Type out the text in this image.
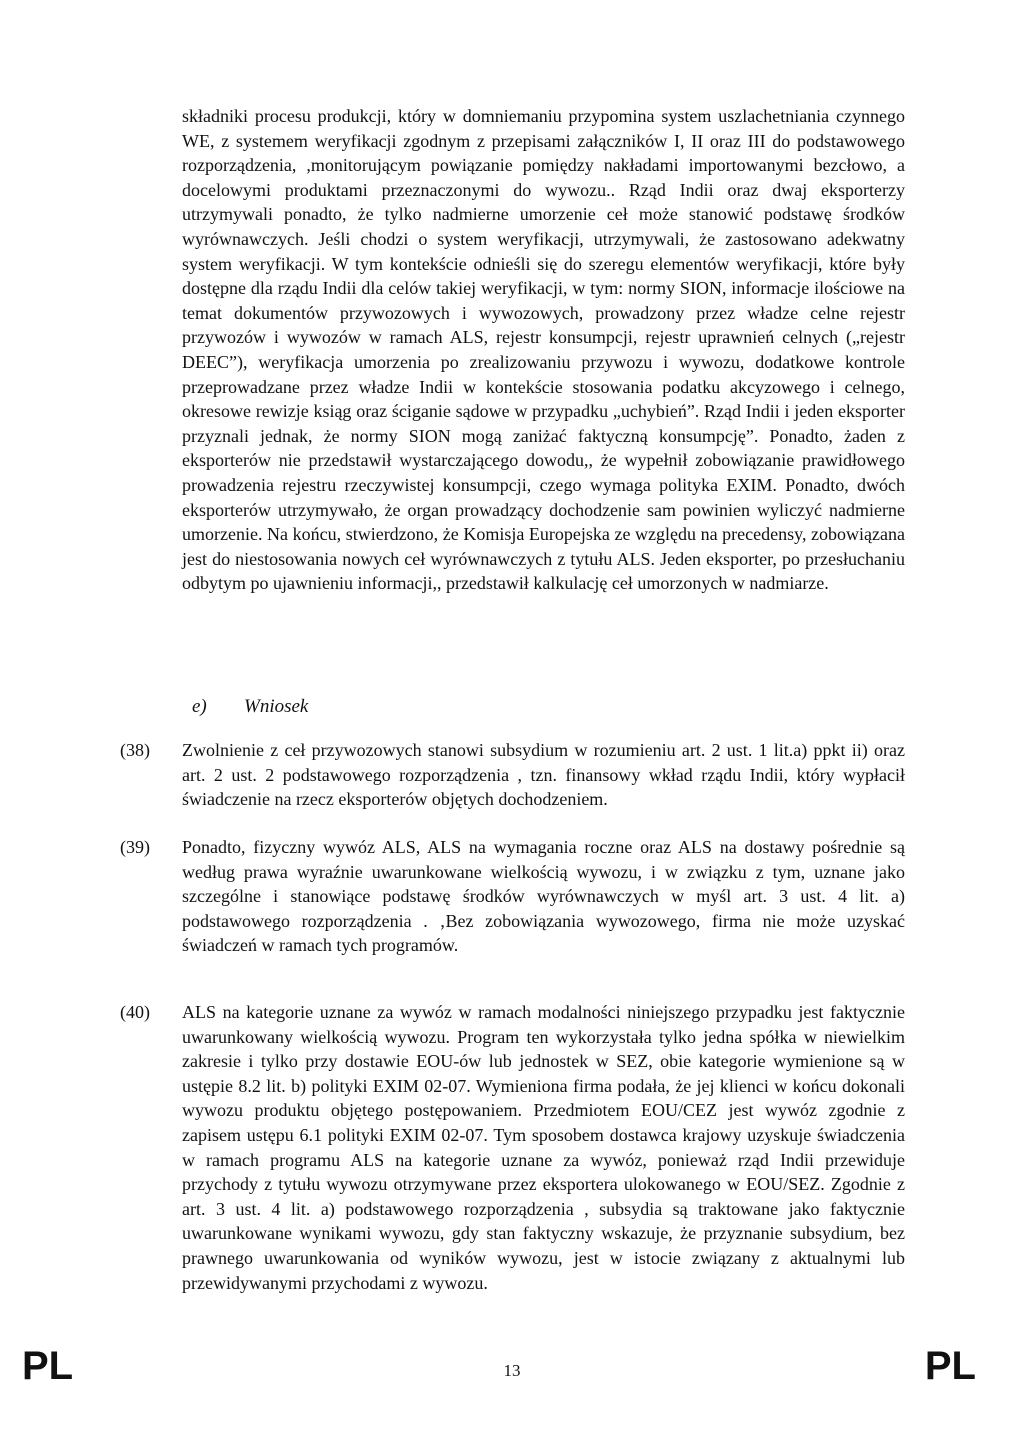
składniki procesu produkcji, który w domniemaniu przypomina system uszlachetniania czynnego WE, z systemem weryfikacji zgodnym z przepisami załączników I, II oraz III do podstawowego rozporządzenia, ,monitorującym powiązanie pomiędzy nakładami importowanymi bezcłowo, a docelowymi produktami przeznaczonymi do wywozu.. Rząd Indii oraz dwaj eksporterzy utrzymywali ponadto, że tylko nadmierne umorzenie ceł może stanowić podstawę środków wyrównawczych. Jeśli chodzi o system weryfikacji, utrzymywali, że zastosowano adekwatny system weryfikacji. W tym kontekście odnieśli się do szeregu elementów weryfikacji, które były dostępne dla rządu Indii dla celów takiej weryfikacji, w tym: normy SION, informacje ilościowe na temat dokumentów przywozowych i wywozowych, prowadzony przez władze celne rejestr przywozów i wywozów w ramach ALS, rejestr konsumpcji, rejestr uprawnień celnych („rejestr DEEC”), weryfikacja umorzenia po zrealizowaniu przywozu i wywozu, dodatkowe kontrole przeprowadzane przez władze Indii w kontekście stosowania podatku akcyzowego i celnego, okresowe rewizje ksiąg oraz ściganie sądowe w przypadku „uchybień”. Rząd Indii i jeden eksporter przyznali jednak, że normy SION mogą zaniżać faktyczną konsumpcję”. Ponadto, żaden z eksporterów nie przedstawił wystarczającego dowodu,, że wypełnił zobowiązanie prawidłowego prowadzenia rejestru rzeczywistej konsumpcji, czego wymaga polityka EXIM. Ponadto, dwóch eksporterów utrzymywało, że organ prowadzący dochodzenie sam powinien wyliczyć nadmierne umorzenie. Na końcu, stwierdzono, że Komisja Europejska ze względu na precedensy, zobowiązana jest do niestosowania nowych ceł wyrównawczych z tytułu ALS. Jeden eksporter, po przesłuchaniu odbytym po ujawnieniu informacji,, przedstawił kalkulację ceł umorzonych w nadmiarze.

e) Wniosek
(38)	Zwolnienie z ceł przywozowych stanowi subsydium w rozumieniu art. 2 ust. 1 lit.a) ppkt ii) oraz art. 2 ust. 2 podstawowego rozporządzenia , tzn. finansowy wkład rządu Indii, który wypłacił świadczenie na rzecz eksporterów objętych dochodzeniem.
(39)	Ponadto, fizyczny wywóz ALS, ALS na wymagania roczne oraz ALS na dostawy pośrednie są według prawa wyraźnie uwarunkowane wielkością wywozu, i w związku z tym, uznane jako szczególne i stanowiące podstawę środków wyrównawczych w myśl art. 3 ust. 4 lit. a) podstawowego rozporządzenia . ‚Bez zobowiązania wywozowego, firma nie może uzyskać świadczeń w ramach tych programów.
(40)	ALS na kategorie uznane za wywóz w ramach modalności niniejszego przypadku jest faktycznie uwarunkowany wielkością wywozu. Program ten wykorzystała tylko jedna spółka w niewielkim zakresie i tylko przy dostawie EOU-ów lub jednostek w SEZ, obie kategorie wymienione są w ustępie 8.2 lit. b) polityki EXIM 02-07. Wymieniona firma podała, że jej klienci w końcu dokonali wywozu produktu objętego postępowaniem. Przedmiotem EOU/CEZ jest wywóz zgodnie z zapisem ustępu 6.1 polityki EXIM 02-07. Tym sposobem dostawca krajowy uzyskuje świadczenia w ramach programu ALS na kategorie uznane za wywóz, ponieważ rząd Indii przewiduje przychody z tytułu wywozu otrzymywane przez eksportera ulokowanego w EOU/SEZ. Zgodnie z art. 3 ust. 4 lit. a) podstawowego rozporządzenia , subsydia są traktowane jako faktycznie uwarunkowane wynikami wywozu, gdy stan faktyczny wskazuje, że przyznanie subsydium, bez prawnego uwarunkowania od wyników wywozu, jest w istocie związany z aktualnymi lub przewidywanymi przychodami z wywozu.
PL	13	PL
